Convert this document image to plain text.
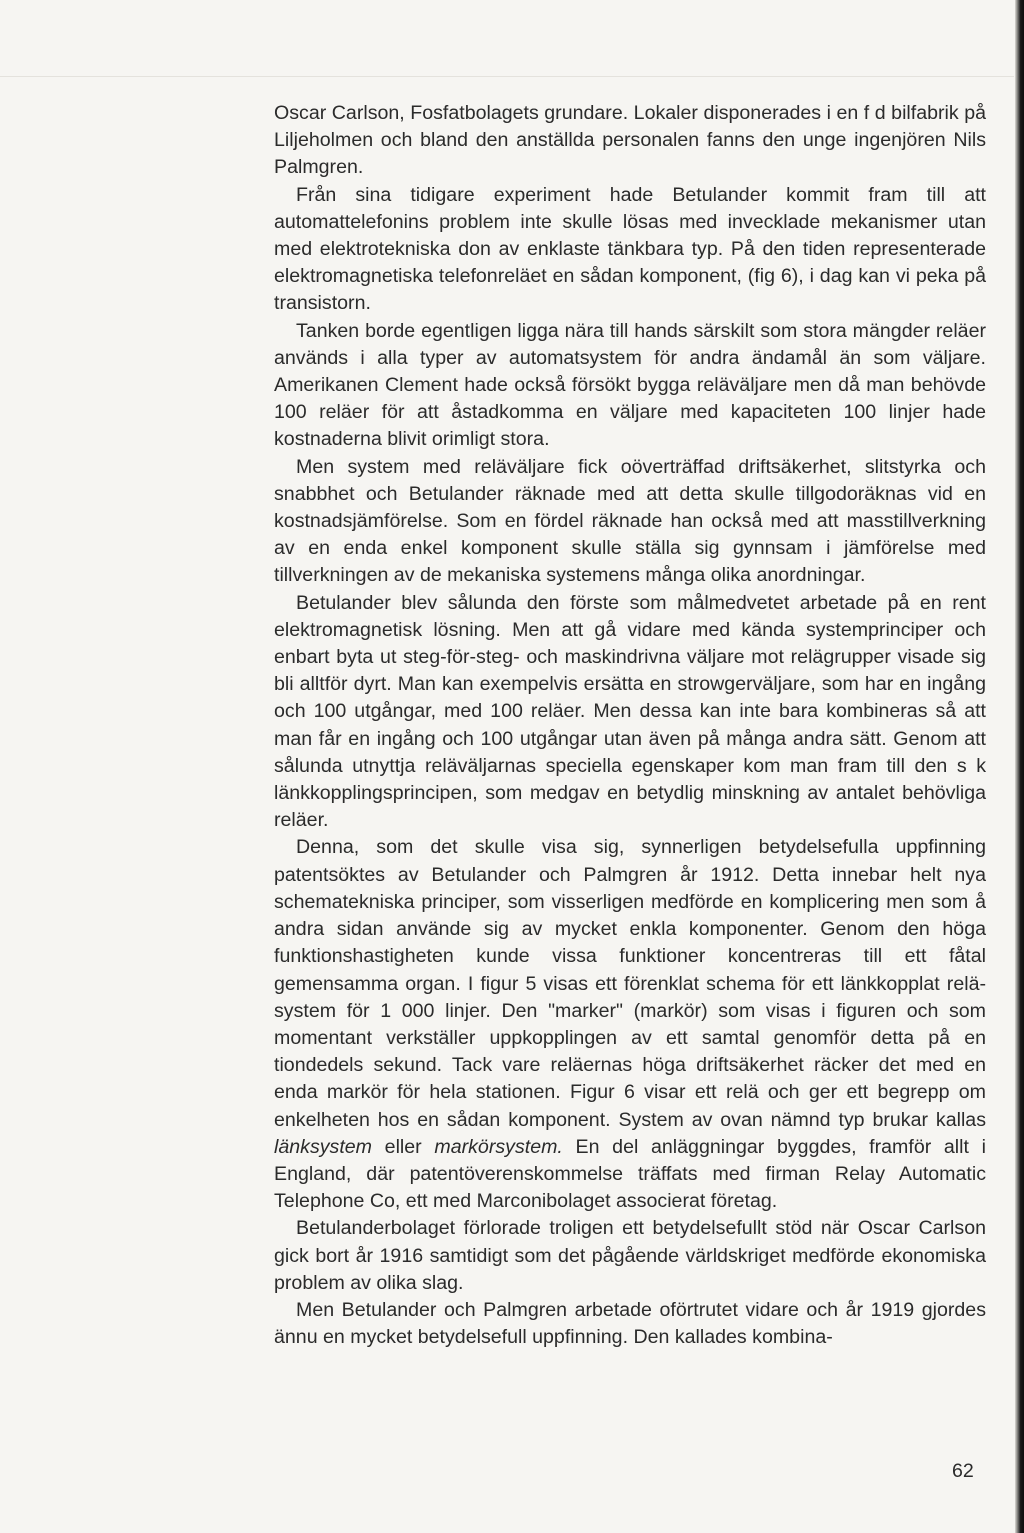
Oscar Carlson, Fosfatbolagets grundare. Lokaler disponerades i en f d bilfabrik på Liljeholmen och bland den anställda personalen fanns den unge ingenjören Nils Palmgren.

Från sina tidigare experiment hade Betulander kommit fram till att automattelefonins problem inte skulle lösas med invecklade mekanismer utan med elektrotekniska don av enklaste tänkbara typ. På den tiden representerade elektromagnetiska telefonreläet en sådan komponent, (fig 6), i dag kan vi peka på transistorn.

Tanken borde egentligen ligga nära till hands särskilt som stora mängder reläer används i alla typer av automatsystem för andra ändamål än som väljare. Amerikanen Clement hade också försökt bygga reläväljare men då man behövde 100 reläer för att åstadkomma en väljare med kapaciteten 100 linjer hade kostnaderna blivit orimligt stora.

Men system med reläväljare fick oöverträffad driftsäkerhet, slitstyrka och snabbhet och Betulander räknade med att detta skulle tillgodoräknas vid en kostnadsjämförelse. Som en fördel räknade han också med att masstillverkning av en enda enkel komponent skulle ställa sig gynnsam i jämförelse med tillverkningen av de mekaniska systemens många olika anordningar.

Betulander blev sålunda den förste som målmedvetet arbetade på en rent elektromagnetisk lösning. Men att gå vidare med kända systemprinciper och enbart byta ut steg-för-steg- och maskindrivna väljare mot relägrupper visade sig bli alltför dyrt. Man kan exempelvis ersätta en strowgerväljare, som har en ingång och 100 utgångar, med 100 reläer. Men dessa kan inte bara kombineras så att man får en ingång och 100 utgångar utan även på många andra sätt. Genom att sålunda utnyttja reläväljarnas speciella egenskaper kom man fram till den s k länkkopplingsprincipen, som medgav en betydlig minskning av antalet behövliga reläer.

Denna, som det skulle visa sig, synnerligen betydelsefulla uppfinning patentsöktes av Betulander och Palmgren år 1912. Detta innebar helt nya schematekniska principer, som visserligen medförde en komplicering men som å andra sidan använde sig av mycket enkla komponenter. Genom den höga funktionshastigheten kunde vissa funktioner koncentreras till ett fåtal gemensamma organ. I figur 5 visas ett förenklat schema för ett länkkopplat reläsystem för 1 000 linjer. Den "marker" (markör) som visas i figuren och som momentant verkställer uppkopplingen av ett samtal genomför detta på en tiondedels sekund. Tack vare reläernas höga driftsäkerhet räcker det med en enda markör för hela stationen. Figur 6 visar ett relä och ger ett begrepp om enkelheten hos en sådan komponent. System av ovan nämnd typ brukar kallas länksystem eller markörsystem. En del anläggningar byggdes, framför allt i England, där patentöverenskommelse träffats med firman Relay Automatic Telephone Co, ett med Marconibolaget associerat företag.

Betulanderbolaget förlorade troligen ett betydelsefullt stöd när Oscar Carlson gick bort år 1916 samtidigt som det pågående världskriget medförde ekonomiska problem av olika slag.

Men Betulander och Palmgren arbetade oförtrutet vidare och år 1919 gjordes ännu en mycket betydelsefull uppfinning. Den kallades kombina-

62
